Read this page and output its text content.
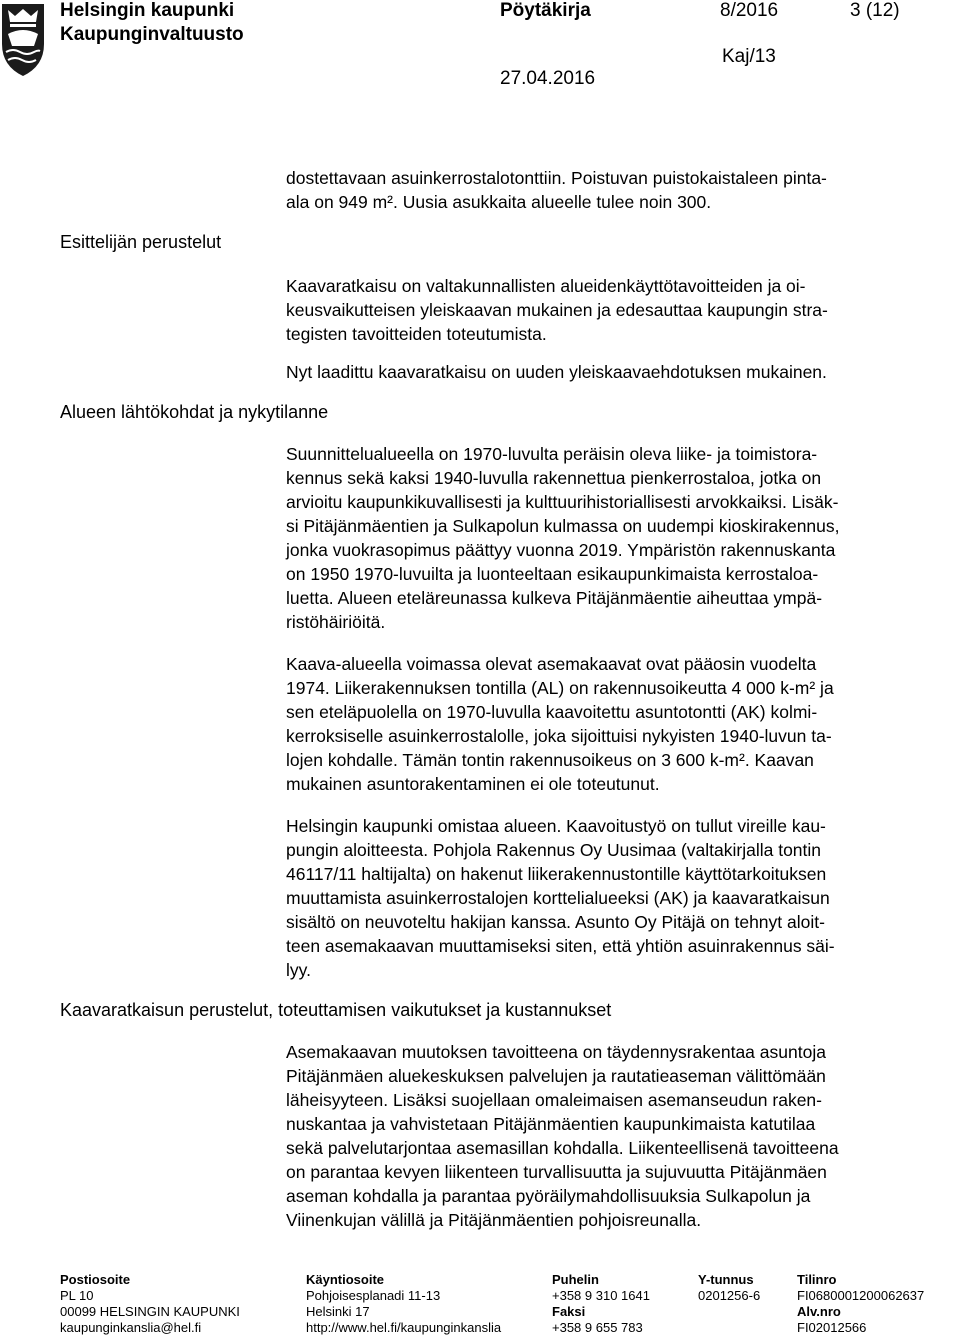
Helsingin kaupunki
Kaupunginvaltuusto
Pöytäkirja	8/2016	3 (12)
Kaj/13
27.04.2016
Esittelijän perustelut
Alueen lähtökohdat ja nykytilanne
Kaavaratkaisun perustelut, toteuttamisen vaikutukset ja kustannukset
dostettavaan asuinkerrostalotonttiin. Poistuvan puistokaistaleen pinta-
ala on 949 m². Uusia asukkaita alueelle tulee noin 300.
Kaavaratkaisu on valtakunnallisten alueidenkäyttötavoitteiden ja oi-
keusvaikutteisen yleiskaavan mukainen ja edesauttaa kaupungin stra-
tegisten tavoitteiden toteutumista.
Nyt laadittu kaavaratkaisu on uuden yleiskaavaehdotuksen mukainen.
Suunnittelualueella on 1970-luvulta peräisin oleva liike- ja toimistora-
kennus sekä kaksi 1940-luvulla rakennettua pienkerrostaloa, jotka on
arvioitu kaupunkikuvallisesti ja kulttuurihistoriallisesti arvokkaiksi. Lisäk-
si Pitäjänmäentien ja Sulkapolun kulmassa on uudempi kioskirakennus,
jonka vuokrasopimus päättyy vuonna 2019. Ympäristön rakennuskanta
on 1950 1970-luvuilta ja luonteeltaan esikaupunkimaista kerrostaloa-
luetta. Alueen eteläreunassa kulkeva Pitäjänmäentie aiheuttaa ympä-
ristöhäiriöitä.
Kaava-alueella voimassa olevat asemakaavat ovat pääosin vuodelta
1974. Liikerakennuksen tontilla (AL) on rakennusoikeutta 4 000 k-m² ja
sen eteläpuolella on 1970-luvulla kaavoitettu asuntotontti (AK) kolmi-
kerroksiselle asuinkerrostalolle, joka sijoittuisi nykyisten 1940-luvun ta-
lojen kohdalle. Tämän tontin rakennusoikeus on 3 600 k-m². Kaavan
mukainen asuntorakentaminen ei ole toteutunut.
Helsingin kaupunki omistaa alueen. Kaavoitustyö on tullut vireille kau-
pungin aloitteesta. Pohjola Rakennus Oy Uusimaa (valtakirjalla tontin
46117/11 haltijalta) on hakenut liikerakennustontille käyttötarkoituksen
muuttamista asuinkerrostalojen korttelialueeksi (AK) ja kaavaratkaisun
sisältö on neuvoteltu hakijan kanssa. Asunto Oy Pitäjä on tehnyt aloit-
teen asemakaavan muuttamiseksi siten, että yhtiön asuinrakennus säi-
lyy.
Asemakaavan muutoksen tavoitteena on täydennysrakentaa asuntoja
Pitäjänmäen aluekeskuksen palvelujen ja rautatieaseman välittömään
läheisyyteen. Lisäksi suojellaan omaleimaisen asemanseudun raken-
nuskantaa ja vahvistetaan Pitäjänmäentien kaupunkimaista katutilaa
sekä palvelutarjontaa asemasillan kohdalla. Liikenteellisenä tavoitteena
on parantaa kevyen liikenteen turvallisuutta ja sujuvuutta Pitäjänmäen
aseman kohdalla ja parantaa pyöräilymahdollisuuksia Sulkapolun ja
Viinenkujan välillä ja Pitäjänmäentien pohjoisreunalla.
Postiosoite
PL 10
00099 HELSINGIN KAUPUNKI
kaupunginkanslia@hel.fi
Käyntiosoite
Pohjoisesplanadi 11-13
Helsinki 17
http://www.hel.fi/kaupunginkanslia
Puhelin
+358 9 310 1641
Faksi
+358 9 655 783
Y-tunnus
0201256-6
Tilinro
FI0680001200062637
Alv.nro
FI02012566
